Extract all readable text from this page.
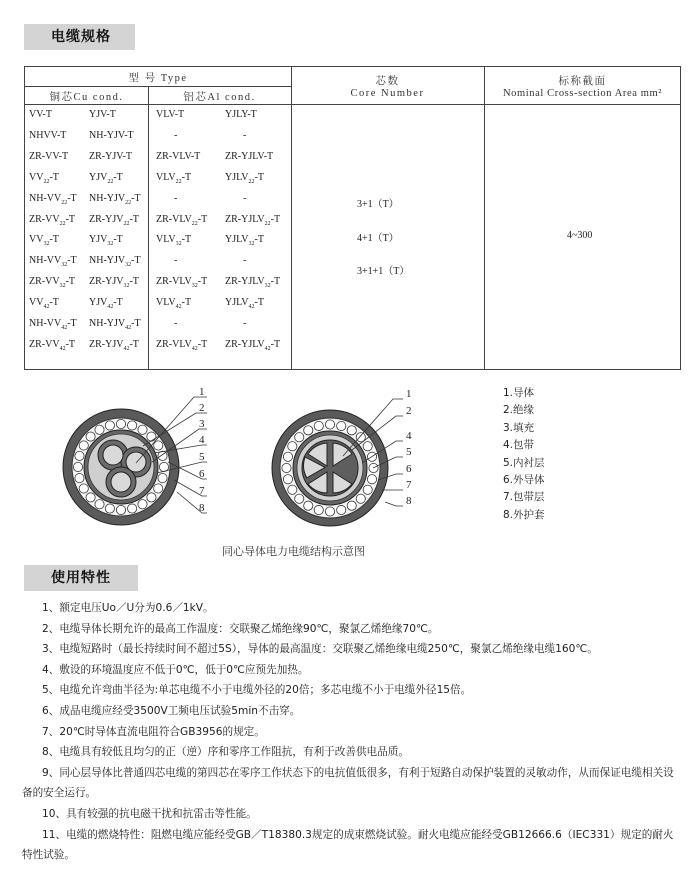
电缆规格
型 号 Type
铜芯Cu cond.	铝芯Al cond.
芯数
Core Number
标称截面
Nominal Cross-section Area mm²
VV-T	YJV-T	VLV-T	YJLY-T
NHVV-T NH-YJV-T	-	-
ZR-VV-T ZR-YJV-T ZR-VLV-T ZR-YJLV-T
$VV_{22}-T$	$YJV_{22}-T$	$VLV_{22}-T$	$YJLV_{22}-T$
$NH-VV_{22}-T$ $NH-YJV_{22}-T$	-	-
$ZR-VV_{22}-T$ $ZR-YJV_{22}-T$ $ZR-VLV_{22}-T$ $ZR-YJLV_{22}-T$
$VV_{32}-T$	$YJV_{32}-T$	$VLV_{32}-T$	$YJLV_{32}-T$
$NH-VV_{32}-T$ $NH-YJV_{32}-T$	-	-
$ZR-VV_{32}-T$ $ZR-YJV_{32}-T$ $ZR-VLV_{32}-T$ $ZR-YJLV_{32}-T$
$VV_{42}-T$	$YJV_{42}-T$	$VLV_{42}-T$	$YJLV_{42}-T$
$NH-VV_{42}-T$ $NH-YJV_{42}-T$	-	-
$ZR-VV_{42}-T$ $ZR-YJV_{42}-T$ $ZR-VLV_{42}-T$ $ZR-YJLV_{42}-T$
3+1（T）
4+1（T）
3+1+1（T）
4~300
1
2
3
4
5
6
7
8
1
2
4
5
6
7
8
1.导体
2.绝缘
3.填充
4.包带
5.内衬层
6.外导体
7.包带层
8.外护套
同心导体电力电缆结构示意图
使用特性
1、额定电压Uo／U分为0.6／1kV。
2、电缆导体长期允许的最高工作温度：交联聚乙烯绝缘90℃，聚氯乙烯绝缘70℃。
3、电缆短路时（最长持续时间不超过5S），导体的最高温度：交联聚乙烯绝缘电缆250℃，聚氯乙烯绝缘电缆160℃。
4、敷设的环境温度应不低于0℃，低于0℃应预先加热。
5、电缆允许弯曲半径为:单芯电缆不小于电缆外径的20倍；多芯电缆不小于电缆外径15倍。
6、成品电缆应经受3500V工频电压试验5min不击穿。
7、20℃时导体直流电阻符合GB3956的规定。
8、电缆具有较低且均匀的正（逆）序和零序工作阻抗，有利于改善供电品质。
9、同心层导体比普通四芯电缆的第四芯在零序工作状态下的电抗值低很多，有利于短路自动保护装置的灵敏动作，从而保证电缆相关设备的安全运行。
10、具有较强的抗电磁干扰和抗雷击等性能。
11、电缆的燃烧特性：阻燃电缆应能经受GB／T18380.3规定的成束燃烧试验。耐火电缆应能经受GB12666.6（IEC331）规定的耐火特性试验。
